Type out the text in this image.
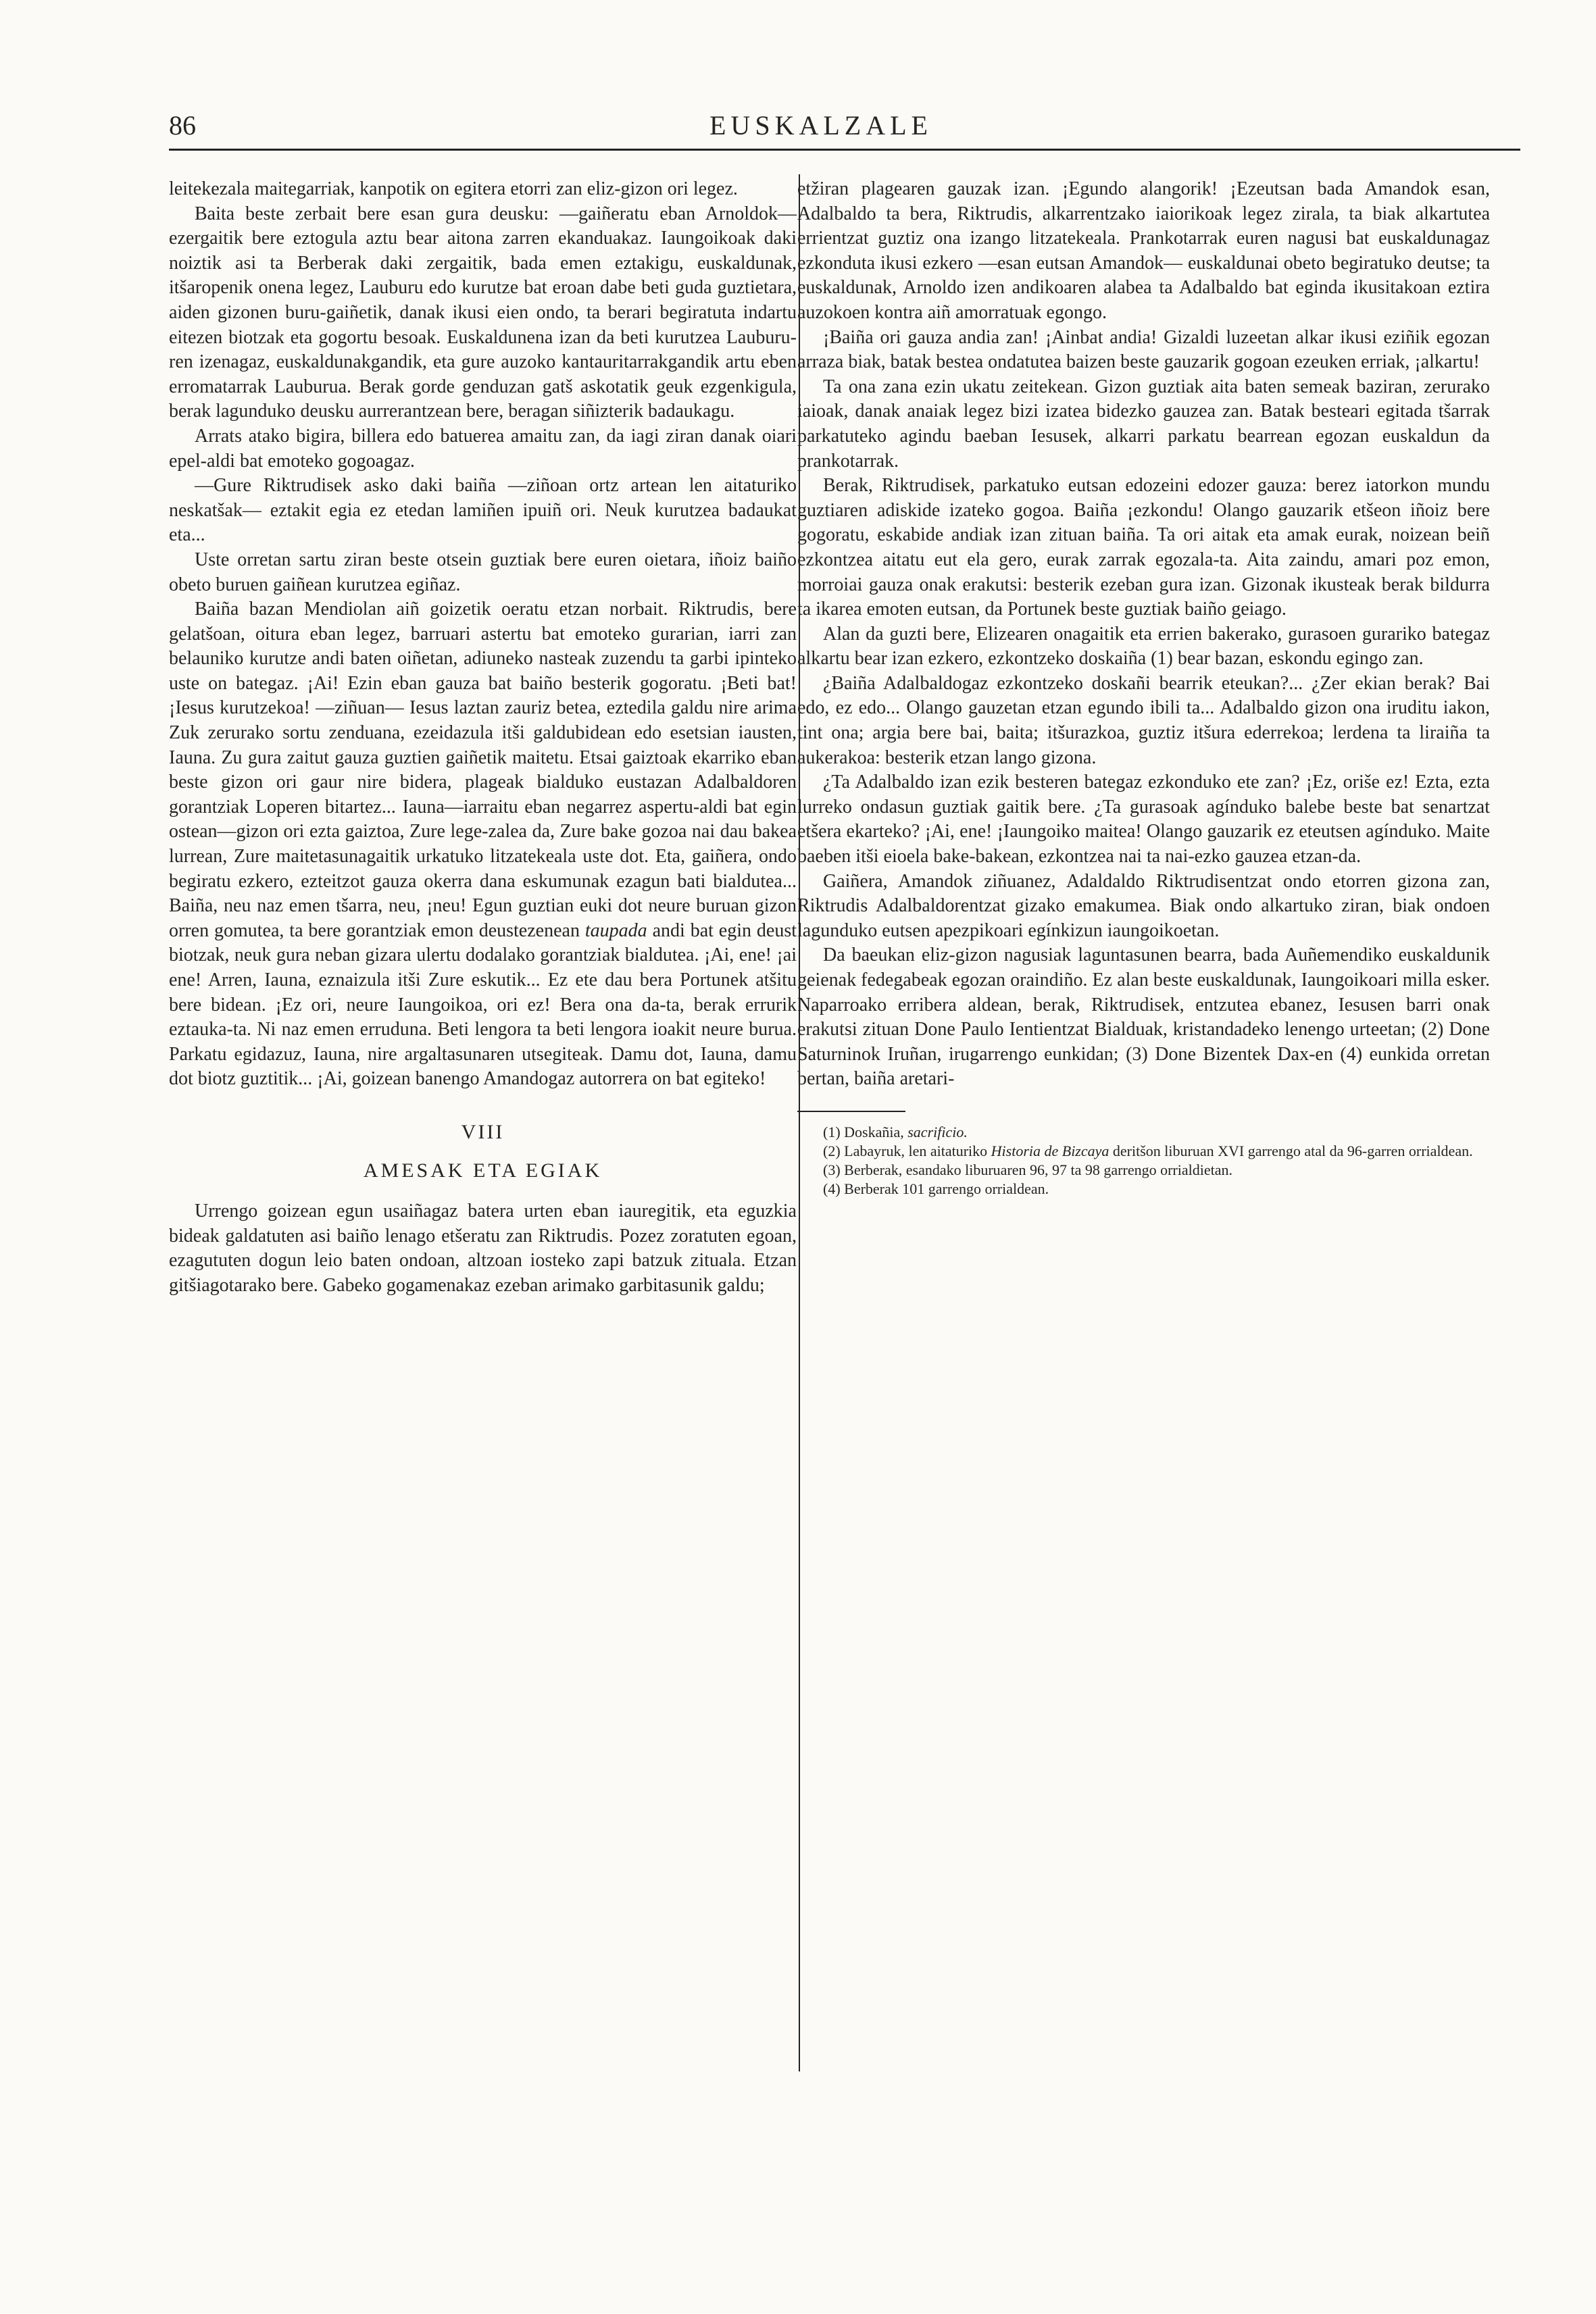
86	EUSKALZALE

leitekezala maitegarriak, kanpotik on egitera etorri zan eliz-gizon ori legez.

Baita beste zerbait bere esan gura deusku: —gaiñeratu eban Arnoldok— ezergaitik bere eztogula aztu bear aitona zarren ekanduakaz. Iaungoikoak daki noiztik asi ta Berberak daki zergaitik, bada emen eztakigu, euskaldunak, itšaropenik onena legez, Lauburu edo kurutze bat eroan dabe beti guda guztietara, aiden gizonen buru-gaiñetik, danak ikusi eien ondo, ta berari begiratuta indartu eitezen biotzak eta gogortu besoak. Euskaldunena izan da beti kurutzea Lauburu-ren izenagaz, euskaldunakgandik, eta gure auzoko kantauritarrakgandik artu eben erromatarrak Lauburua. Berak gorde genduzan gatš askotatik geuk ezgenkigula, berak lagunduko deusku aurrerantzean bere, beragan siñizterik badaukagu.

Arrats atako bigira, billera edo batuerea amaitu zan, da iagi ziran danak oiari epel-aldi bat emoteko gogoagaz.

—Gure Riktrudisek asko daki baiña —ziñoan ortz artean len aitaturiko neskatšak— eztakit egia ez etedan lamiñen ipuiñ ori. Neuk kurutzea badaukat eta...

Uste orretan sartu ziran beste otsein guztiak bere euren oietara, iñoiz baiño obeto buruen gaiñean kurutzea egiñaz.

Baiña bazan Mendiolan aiñ goizetik oeratu etzan norbait. Riktrudis, bere gelatšoan, oitura eban legez, barruari astertu bat emoteko gurarian, iarri zan belauniko kurutze andi baten oiñetan, adiuneko nasteak zuzendu ta garbi ipinteko uste on bategaz. ¡Ai! Ezin eban gauza bat baiño besterik gogoratu. ¡Beti bat! ¡Iesus kurutzekoa! —ziñuan— Iesus laztan zauriz betea, eztedila galdu nire arima Zuk zerurako sortu zenduana, ezeidazula itši galdubidean edo esetsian iausten, Iauna. Zu gura zaitut gauza guztien gaiñetik maitetu. Etsai gaiztoak ekarriko eban beste gizon ori gaur nire bidera, plageak bialduko eustazan Adalbaldoren gorantziak Loperen bitartez... Iauna—iarraitu eban negarrez aspertu-aldi bat egin ostean—gizon ori ezta gaiztoa, Zure lege-zalea da, Zure bake gozoa nai dau bakea lurrean, Zure maitetasunagaitik urkatuko litzatekeala uste dot. Eta, gaiñera, ondo begiratu ezkero, ezteitzot gauza okerra dana eskumunak ezagun bati bialdutea... Baiña, neu naz emen tšarra, neu, ¡neu! Egun guztian euki dot neure buruan gizon orren gomutea, ta bere gorantziak emon deustezenean taupada andi bat egin deust biotzak, neuk gura neban gizara ulertu dodalako gorantziak bialdutea. ¡Ai, ene! ¡ai ene! Arren, Iauna, eznaizula itši Zure eskutik... Ez ete dau bera Portunek atšitu bere bidean. ¡Ez ori, neure Iaungoikoa, ori ez! Bera ona da-ta, berak errurik eztauka-ta. Ni naz emen erruduna. Beti lengora ta beti lengora ioakit neure burua. Parkatu egidazuz, Iauna, nire argaltasunaren utsegiteak. Damu dot, Iauna, damu dot biotz guztitik... ¡Ai, goizean banengo Amandogaz autorrera on bat egiteko!

VIII
AMESAK ETA EGIAK

Urrengo goizean egun usaiñagaz batera urten eban iauregitik, eta eguzkia bideak galdatuten asi baiño lenago etšeratu zan Riktrudis. Pozez zoratuten egoan, ezagututen dogun leio baten ondoan, altzoan iosteko zapi batzuk zituala. Etzan gitšiagotarako bere. Gabeko gogamenakaz ezeban arimako garbitasunik galdu;

etžiran plagearen gauzak izan. ¡Egundo alangorik! ¡Ezeutsan bada Amandok esan, Adalbaldo ta bera, Riktrudis, alkarrentzako iaiorikoak legez zirala, ta biak alkartutea errientzat guztiz ona izango litzatekeala. Prankotarrak euren nagusi bat euskaldunagaz ezkonduta ikusi ezkero —esan eutsan Amandok— euskaldunai obeto begiratuko deutse; ta euskaldunak, Arnoldo izen andikoaren alabea ta Adalbaldo bat egindа ikusitakoan eztira auzokoen kontra aiñ amorratuak egongo.

¡Baiña ori gauza andia zan! ¡Ainbat andia! Gizaldi luzeetan alkar ikusi eziñik egozan arraza biak, batak bestea ondatutea baizen beste gauzarik gogoan ezeuken erriak, ¡alkartu!

Ta ona zana ezin ukatu zeitekean. Gizon guztiak aita baten semeak baziran, zerurako iaioak, danak anaiak legez bizi izatea bidezko gauzea zan. Batak besteari egitada tšarrak parkatuteko agindu baeban Iesusek, alkarri parkatu bearrean egozan euskaldun da prankotarrak.

Berak, Riktrudisek, parkatuko eutsan edozeini edozer gauza: berez iatorkon mundu guztiaren adiskide izateko gogoa. Baiña ¡ezkondu! Olango gauzarik etšeon iñoiz bere gogoratu, eskabide andiak izan zituan baiña. Ta ori aitak eta amak eurak, noizean beiñ ezkontzea aitatu eut ela gero, eurak zarrak egozala-ta. Aita zaindu, amari poz emon, morroiai gauza onak erakutsi: besterik ezeban gura izan. Gizonak ikusteak berak bildurra ta ikarea emoten eutsan, da Portunek beste guztiak baiño geiago.

Alan da guzti bere, Elizearen onagaitik eta errien bakerako, gurasoen gurariko bategaz alkartu bear izan ezkero, ezkontzeko doskaiña (1) bear bazan, eskondu egingo zan.

¿Baiña Adalbaldogaz ezkontzeko doskañi bearrik eteukan?... ¿Zer ekian berak? Bai edo, ez edo... Olango gauzetan etzan egundo ibili ta... Adalbaldo gizon ona iruditu iakon, tint ona; argia bere bai, baita; itšurazkoa, guztiz itšura ederrekoa; lerdena ta liraiña ta aukerakoa: besterik etzan lango gizona.

¿Ta Adalbaldo izan ezik besteren bategaz ezkonduko ete zan? ¡Ez, oriše ez! Ezta, ezta lurreko ondasun guztiak gaitik bere. ¿Ta gurasoak agínduko balebe beste bat senartzat etšera ekarteko? ¡Ai, ene! ¡Iaungoiko maitea! Olango gauzarik ez eteutsen agínduko. Maite baeben itši eioela bake-bakean, ezkontzea nai ta nai-ezko gauzea etzan-da.

Gaiñera, Amandok ziñuanez, Adaldaldo Riktrudisentzat ondo etorren gizona zan, Riktrudis Adalbaldorentzat gizako emakumea. Biak ondo alkartuko ziran, biak ondoen lagunduko eutsen apezpikoari egínkizun iaungoikoetan.

Da baeukan eliz-gizon nagusiak laguntasunen bearra, bada Auñemendiko euskaldunik geienak fedegabeak egozan oraindiño. Ez alan beste euskaldunak, Iaungoikoari milla esker. Naparroako erribera aldean, berak, Riktrudisek, entzutea ebanez, Iesusen barri onak erakutsi zituan Done Paulo Ientientzat Bialduak, kristandadeko lenengo urteetan; (2) Done Saturninok Iruñan, irugarrengo eunkidan; (3) Done Bizentek Dax-en (4) eunkida orretan bertan, baiña aretari-

(1) Doskañia, sacrificio.

(2) Labayruk, len aitaturiko Historia de Bizcaya deritšon liburuan XVI garrengo atal da 96-garren orrialdean.

(3) Berberak, esandako liburuaren 96, 97 ta 98 garrengo orrialdietan.

(4) Berberak 101 garrengo orrialdean.
